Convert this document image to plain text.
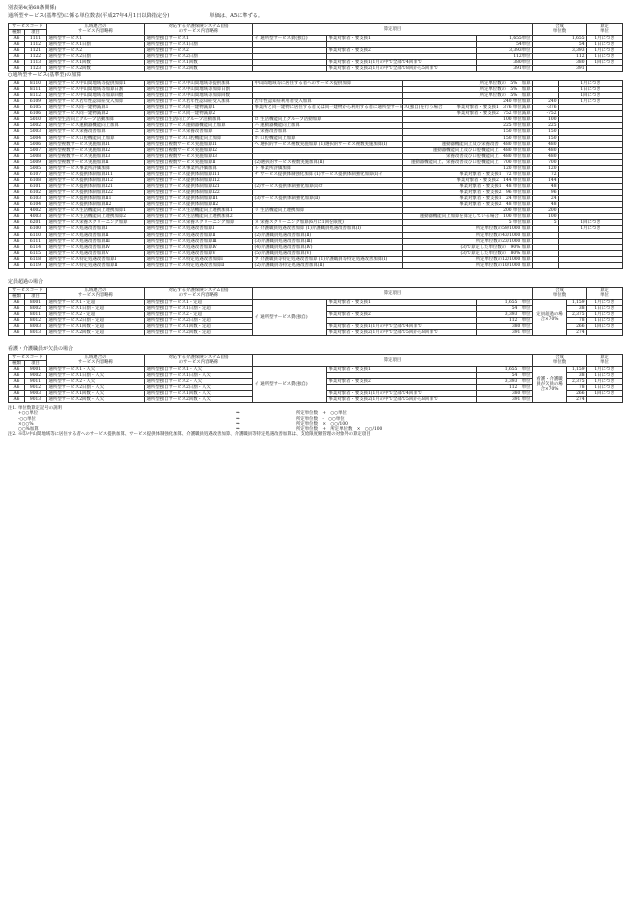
別表第4(第68条関係)
通所型サービス(基準型)に係る単位数表(平成27年4月1日以降指定分)	単価は、A5に準ずる。
サービスコード		広域連合の
サービス内容略称	対応する介護保険システム(国)
のサービス内容略称	算定項目			合成
単位数	算定
単位
種類	項目							
A6	1111	通所型サービス1	通所型独自サービス1	イ 通所型サービス費(独自)	事業対象者・要支援1	1,655単位	1,655	1月につき
A6	1112	通所型サービス1日割	通所型独自サービス1日割			54単位	54	1日につき
A6	1121	通所型サービス2	通所型独自サービス2		事業対象者・要支援2	3,393単位	3,393	1月につき
A6	1122	通所型サービス2日割	通所型独自サービス2日割			112単位	112	1日につき
A6	1113	通所型サービス1回数	通所型独自サービス1回数		事業対象者・要支援1(1月の中で全部で4回まで	380単位	380	1回につき
A6	1123	通所型サービス2回数	通所型独自サービス2回数		事業対象者・要支援2(1月の中で全部で8回から5回まで	391単位	391	
○通所型サービス(基準型)の加算
A6	8110	通所型サービス中山間地域等提供加算1	通所型独自サービス中山間地域等提供加算	中山間地域等に居住する者へのサービス提供加算	所定単位数の　5%　加算		1月につき
A6	8111	通所型サービス中山間地域等加算日割	通所型独自サービス中山間地域等加算日割		所定単位数の　5%　加算		1日につき
A6	8112	通所型サービス中山間地域等加算回数	通所型独自サービス中山間地域等加算回数		所定単位数の　5%　加算		1回につき
A6	6109	通所型サービス若年性認知症受入加算	通所型独自サービス若年性認知症受入加算	若年性認知症利用者受入加算	240 単位加算	240	1月につき
A6	6105	通所型サービス同一建物減算1	通所型独自サービス同一建物減算1	事業所と同一建物に居住する者又は同一建物から利用する者に通所型サービス(独自)を行う場合	事業対象者・要支援1　376 単位減算	-376	
A6	6106	通所型サービス同一建物減算2	通所型独自サービス同一建物減算2		事業対象者・要支援2　752 単位減算	-752	
A6	5010	通所型生活向上グループ活動加算	通所型独自生活向上グループ活動加算	ロ 生活機能向上グループ活動加算	100 単位加算	100	
A6	5002	通所型サービス運動器機能向上加算	通所型独自サービス運動器機能向上加算	ハ 運動器機能向上加算	225 単位加算	225	
A6	5003	通所型サービス栄養改善加算	通所型独自サービス栄養改善加算	ニ 栄養改善加算	150 単位加算	150	
A6	5004	通所型サービス口腔機能向上加算	通所型独自サービス口腔機能向上加算	ホ 口腔機能向上加算	150 単位加算	150	
A6	5006	通所型複数サービス実施加算Ⅰ1	通所型独自複数サービス実施加算Ⅰ1	ヘ 選択的サービス複数実施加算 (1)選択的サービス複数実施加算(Ⅰ)	運動器機能向上及び栄養改善　480 単位加算	480	
A6	5007	通所型複数サービス実施加算Ⅰ2	通所型独自複数サービス実施加算Ⅰ2		運動器機能向上及び口腔機能向上　480 単位加算	480	
A6	5008	通所型複数サービス実施加算Ⅰ3	通所型独自複数サービス実施加算Ⅰ3		栄養改善及び口腔機能向上　480 単位加算	480	
A6	5009	通所型複数サービス実施加算Ⅱ	通所型独自複数サービス実施加算Ⅱ	(2)選択的サービス複数実施加算(Ⅱ)	運動器機能向上、栄養改善及び口腔機能向上　700 単位加算	700	
A6	5005	通所型サービス事業所評価加算	通所型独自サービス事業所評価加算	ト 事業所評価加算	120 単位加算	120	
A6	6107	通所型サービス提供体制加算Ⅰ11	通所型独自サービス提供体制加算Ⅰ11	チ サービス提供体制強化加算 (1)サービス提供体制強化加算(Ⅰ)イ	事業対象者・要支援1　72 単位加算	72	
A6	6108	通所型サービス提供体制加算Ⅰ12	通所型独自サービス提供体制加算Ⅰ12		事業対象者・要支援2　144 単位加算	144	
A6	6101	通所型サービス提供体制加算Ⅰ21	通所型独自サービス提供体制加算Ⅰ21	(2)サービス提供体制強化加算(Ⅰ)ロ	事業対象者・要支援1　48 単位加算	48	
A6	6102	通所型サービス提供体制加算Ⅰ22	通所型独自サービス提供体制加算Ⅰ22		事業対象者・要支援2　96 単位加算	96	
A6	6103	通所型サービス提供体制加算Ⅱ1	通所型独自サービス提供体制加算Ⅱ1	(3)サービス提供体制強化加算(Ⅱ)	事業対象者・要支援1　24 単位加算	24	
A6	6104	通所型サービス提供体制加算Ⅱ2	通所型独自サービス提供体制加算Ⅱ2		事業対象者・要支援2　48 単位加算	48	
A6	4002	通所型サービス生活機能向上連携加算1	通所型独自サービス生活機能向上連携加算1	リ 生活機能向上連携加算	200 単位加算	200	
A6	4003	通所型サービス生活機能向上連携加算2	通所型独自サービス生活機能向上連携加算2		運動器機能向上加算を算定している場合　100 単位加算	100	
A6	6201	通所型サービス栄養スクリーニング加算	通所型独自サービス栄養スクリーニング加算	ヌ 栄養スクリーニング加算(6月に1回を限度)	5 単位加算	5	1回につき
A6	6100	通所型サービス処遇改善加算Ⅰ	通所型独自サービス処遇改善加算Ⅰ	ル 介護職員処遇改善加算 (1)介護職員処遇改善加算(Ⅰ)	所定単位数の59/1000 加算		1月につき
A6	6110	通所型サービス処遇改善加算Ⅱ	通所型独自サービス処遇改善加算Ⅱ	(2)介護職員処遇改善加算(Ⅱ)	所定単位数の43/1000 加算		
A6	6111	通所型サービス処遇改善加算Ⅲ	通所型独自サービス処遇改善加算Ⅲ	(3)介護職員処遇改善加算(Ⅲ)	所定単位数の23/1000 加算		
A6	6114	通所型サービス処遇改善加算Ⅳ	通所型独自サービス処遇改善加算Ⅳ	(4)介護職員処遇改善加算(Ⅳ)	(3)で算定した単位数の　90% 加算		
A6	6115	通所型サービス処遇改善加算Ⅴ	通所型独自サービス処遇改善加算Ⅴ	(5)介護職員処遇改善加算(Ⅴ)	(3)で算定した単位数の　80% 加算		
A6	6118	通所型サービス特定処遇改善加算Ⅰ	通所型独自サービス特定処遇改善加算Ⅰ	ヲ 介護職員等特定処遇改善加算 (1)介護職員等特定処遇改善加算(Ⅰ)	所定単位数の12/1000 加算		
A6	6119	通所型サービス特定処遇改善加算Ⅱ	通所型独自サービス特定処遇改善加算Ⅱ	(2)介護職員等特定処遇改善加算(Ⅱ)	所定単位数の10/1000 加算		
定員超過の場合
サービスコード		広域連合の
サービス内容略称	対応する介護保険システム(国)
のサービス内容略称	算定項目			合成
単位数		算定
単位
種類	項目								
A6	8001	通所型サービス1・定超	通所型独自サービス1・定超	イ 通所型サービス費(独自)	事業対象者・要支援1	1,655　単位	定員超過の場合×70%	1,159	1月につき
A6	8002	通所型サービス1日割・定超	通所型独自サービス1日割・定超			54　単位		38	1日につき
A6	8011	通所型サービス2・定超	通所型独自サービス2・定超		事業対象者・要支援2	3,393　単位		2,375	1月につき
A6	8012	通所型サービス2日割・定超	通所型独自サービス2日割・定超			112　単位		78	1日につき
A6	8003	通所型サービス1回数・定超	通所型独自サービス1回数・定超		事業対象者・要支援1(1月の中で全部で4回まで	380 単位		266	1回につき
A6	8013	通所型サービス2回数・定超	通所型独自サービス2回数・定超		事業対象者・要支援2(1月の中で全部で5回から8回まで	391 単位		274	
看護・介護職員が欠員の場合
サービスコード		広域連合の
サービス内容略称	対応する介護保険システム(国)
のサービス内容略称	算定項目			合成
単位数		算定
単位
種類	項目								
A6	9001	通所型サービス1・人欠	通所型独自サービス1・人欠	イ 通所型サービス費(独自)	事業対象者・要支援1	1,655　単位	看護・介護職員が欠員の場合×70%	1,159	1月につき
A6	9002	通所型サービス1日割・人欠	通所型独自サービス1日割・人欠			54　単位		38	1日につき
A6	9011	通所型サービス2・人欠	通所型独自サービス2・人欠		事業対象者・要支援2	3,393　単位		2,375	1月につき
A6	9012	通所型サービス2日割・人欠	通所型独自サービス2日割・人欠			112　単位		78	1日につき
A6	9003	通所型サービス1回数・人欠	通所型独自サービス1回数・人欠		事業対象者・要支援1(1月の中で全部で4回まで	380 単位		266	1回につき
A6	9013	通所型サービス2回数・人欠	通所型独自サービス2回数・人欠		事業対象者・要支援2(1月の中で全部で5回から8回まで	391 単位		274	
注1. 単位数算定記号の説明
+○○単位	⇒	所定単位数　+　○○単位
-○○単位	⇒	所定単位数　-　○○単位
×○○%	⇒	所定単位数　×　○○/100
○○%加算	⇒	所定単位数　+　所定単位数　×　○○/100
注2. ※印:中山間地域等に居住する者へのサービス提供加算、サービス提供体制強化加算、介護職員処遇改善加算、介護職員等特定処遇改善加算は、支給限度額管理の対象外の算定項目
